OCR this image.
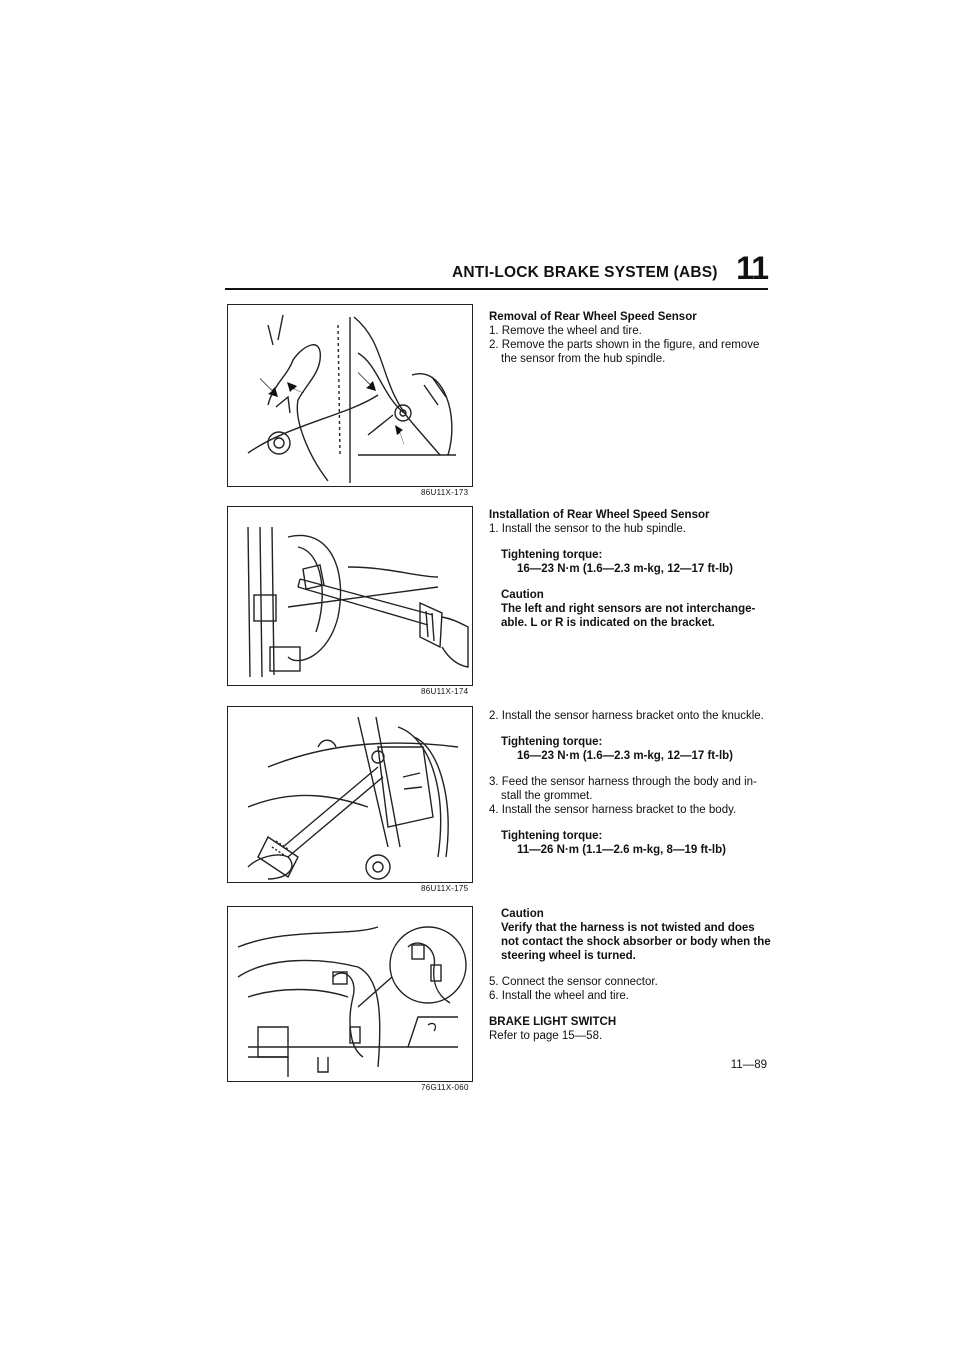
ANTI-LOCK BRAKE SYSTEM (ABS) 11
86U11X-173
86U11X-174
86U11X-175
76G11X-060

Removal of Rear Wheel Speed Sensor

1. Remove the wheel and tire.

2. Remove the parts shown in the figure, and remove the sensor from the hub spindle.

Installation of Rear Wheel Speed Sensor

1. Install the sensor to the hub spindle.

Tightening torque:

16—23 N·m (1.6—2.3 m-kg, 12—17 ft-lb)

Caution

The left and right sensors are not interchange-able. L or R is indicated on the bracket.

2. Install the sensor harness bracket onto the knuckle.

Tightening torque:

16—23 N·m (1.6—2.3 m-kg, 12—17 ft-lb)

3. Feed the sensor harness through the body and in-stall the grommet.

4. Install the sensor harness bracket to the body.

Tightening torque:

11—26 N·m (1.1—2.6 m-kg, 8—19 ft-lb)

Caution

Verify that the harness is not twisted and does not contact the shock absorber or body when the steering wheel is turned.

5. Connect the sensor connector.

6. Install the wheel and tire.

BRAKE LIGHT SWITCH

Refer to page 15—58.

11—89
